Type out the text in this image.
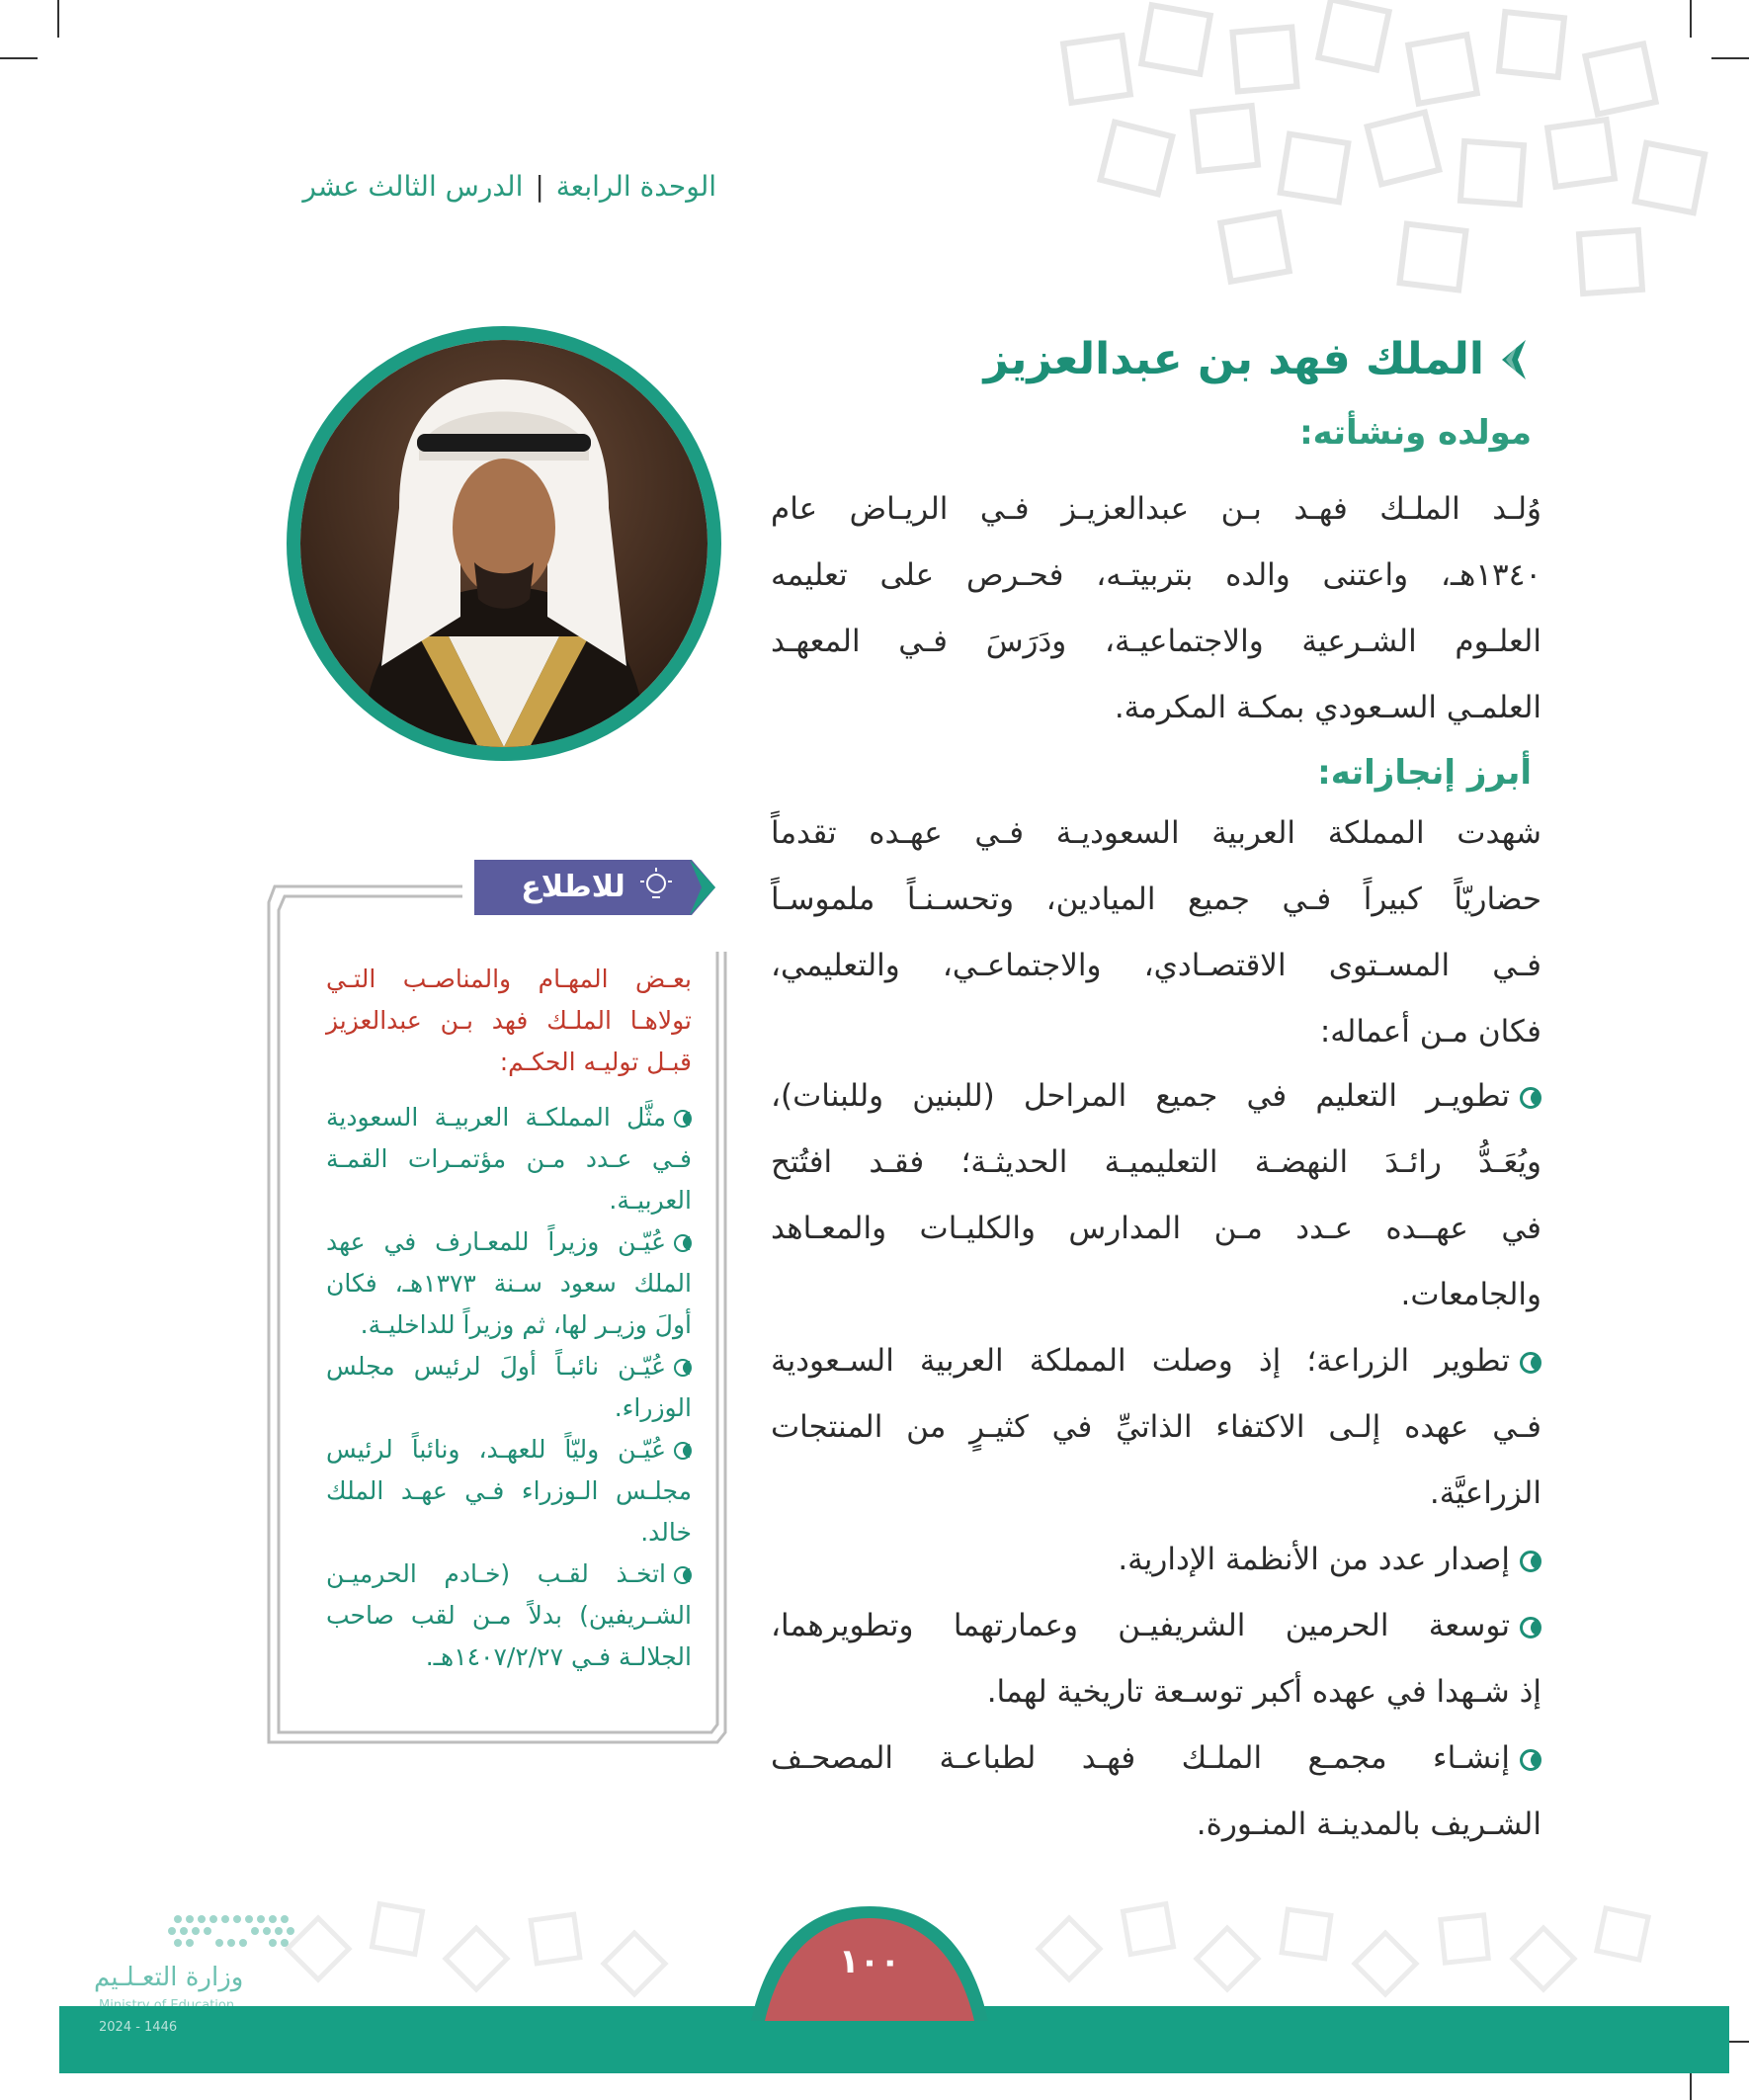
الوحدة الرابعة|الدرس الثالث عشر
الملك فهد بن عبدالعزيز
مولده ونشأته:
وُلـد الملـك فهـد بـن عبدالعزيـز فـي الريـاض عام
١٣٤٠هـ، واعتنى والده بتربيتـه، فحـرص على تعليمه
العلـوم الشـرعية والاجتماعيـة، ودَرَسَ فـي المعهـد
العلمـي السـعودي بمكـة المكرمة.
أبرز إنجازاته:
شهدت المملكة العربية السعوديـة فـي عهـده تقدماً
حضاريّاً كبيراً فـي جميع الميادين، وتحسـنـاً ملموسـاً
فـي المسـتوى الاقتصـادي، والاجتماعـي، والتعليمي،
فكان مـن أعماله:
تطويـر التعليم في جميع المراحل (للبنين وللبنات)،
ويُعَـدُّ رائـدَ النهضـة التعليميـة الحديثـة؛ فقـد افتُتح
في عهــده عـدد مـن المدارس والكليـات والمعـاهد
والجامعات.
تطوير الزراعة؛ إذ وصلت المملكة العربية السـعودية
فـي عهده إلـى الاكتفاء الذاتيِّ في كثيـرٍ من المنتجات
الزراعيَّة.
إصدار عدد من الأنظمة الإدارية.
توسعة الحرمين الشريفيـن وعمارتهما وتطويرهما،
إذ شـهدا في عهده أكبر توسـعة تاريخية لهما.
إنشـاء مجمـع الملـك فهـد لطباعـة المصحـف
الشـريف بالمدينـة المنـورة.
للاطلاع
بعـض المهـام والمناصـب التـي
تولاهـا الملـك فهد بـن عبدالعزيز
قبـل توليـه الحكـم:
مثَّل المملكـة العربيـة السعودية
فـي عـدد مـن مؤتمـرات القمـة
العربيـة.
عُيّـن وزيراً للمعـارف في عهد
الملك سعود سـنة ١٣٧٣هـ، فكان
أولَ وزيـر لها، ثم وزيراً للداخليـة.
عُيّـن نائبـاً أولَ لرئيس مجلس
الوزراء.
عُيّـن وليّاً للعهـد، ونائباً لرئيس
مجلـس الـوزراء فـي عهـد الملك
خالد.
اتخـذ لقـب (خـادم الحرميـن
الشـريفين) بدلاً مـن لقب صاحب
الجلالـة فـي ١٤٠٧/٢/٢٧هـ.
وزارة التعـلـيم
2024 - 1446
١٠٠
